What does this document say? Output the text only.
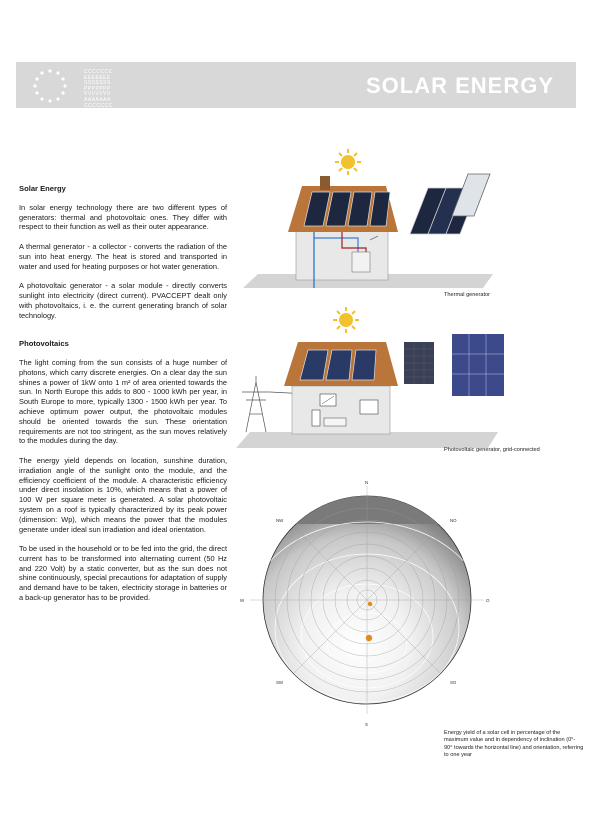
CCCCCCC
EEEEEEE
SSSSSSS
PPPPPPP
VVVVVVV
AAAAAAA
CCCCCCC
SOLAR ENERGY
Solar Energy

In solar energy technology there are two different types of generators: thermal and photovoltaic ones. They differ with respect to their function as well as their outer appearance.

A thermal generator - a collector - converts the radiation of the sun into heat energy. The heat is stored and transported in water and used for heating purposes or hot water generation.

A photovoltaic generator - a solar module - directly converts sunlight into electricity (direct current). PVACCEPT dealt only with photovoltaics, i. e. the current generating branch of solar technology.

Photovoltaics

The light coming from the sun consists of a huge number of photons, which carry discrete energies. On a clear day the sun shines a power of 1kW onto 1 m² of area oriented towards the sun. In North Europe this adds to 800 - 1000 kWh per year, in South Europe to more, typically 1300 - 1500 kWh per year. To achieve optimum power output, the photovoltaic modules should be oriented towards the sun. These orientation requirements are not too stringent, as the sun moves relatively to the modules during the day.

The energy yield depends on location, sunshine duration, irradiation angle of the sunlight onto the module, and the efficiency coefficient of the module. A characteristic efficiency under direct insolation is 10%, which means that a power of 100 W per square meter is generated. A solar photovoltaic system on a roof is typically characterized by its peak power (dimension: Wp), which means the power that the modules generate under ideal sun irradiation and ideal orientation.

To be used in the household or to be fed into the grid, the direct current has to be transformed into alternating current (50 Hz and 220 Volt) by a static converter, but as the sun does not shine continuously, special precautions for adaptation of supply and demand have to be taken, electricity storage in batteries or a back-up generator has to be provided.

Thermal generator
Photovoltaic generator, grid-connected
N
S
W	O
NW	NO
SW	SO
Energy yield of a solar cell in percentage of the maximum value and in dependency of inclination (0°- 90° towards the horizontal line) and orientation, referring to one year
